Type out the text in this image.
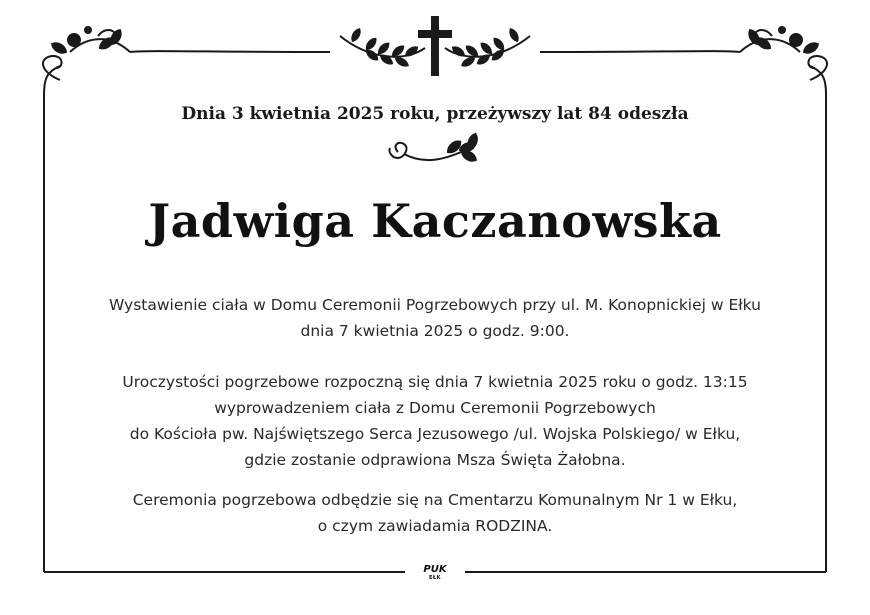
Dnia 3 kwietnia 2025 roku, przeżywszy lat 84 odeszła
Jadwiga Kaczanowska
Wystawienie ciała w Domu Ceremonii Pogrzebowych przy ul. M. Konopnickiej w Ełku
dnia 7 kwietnia 2025 o godz. 9:00.
Uroczystości pogrzebowe rozpoczną się dnia 7 kwietnia 2025 roku o godz. 13:15
wyprowadzeniem ciała z Domu Ceremonii Pogrzebowych
do Kościoła pw. Najświętszego Serca Jezusowego /ul. Wojska Polskiego/ w Ełku,
gdzie zostanie odprawiona Msza Święta Żałobna.
Ceremonia pogrzebowa odbędzie się na Cmentarzu Komunalnym Nr 1 w Ełku,
o czym zawiadamia RODZINA.
PUK
EŁK
